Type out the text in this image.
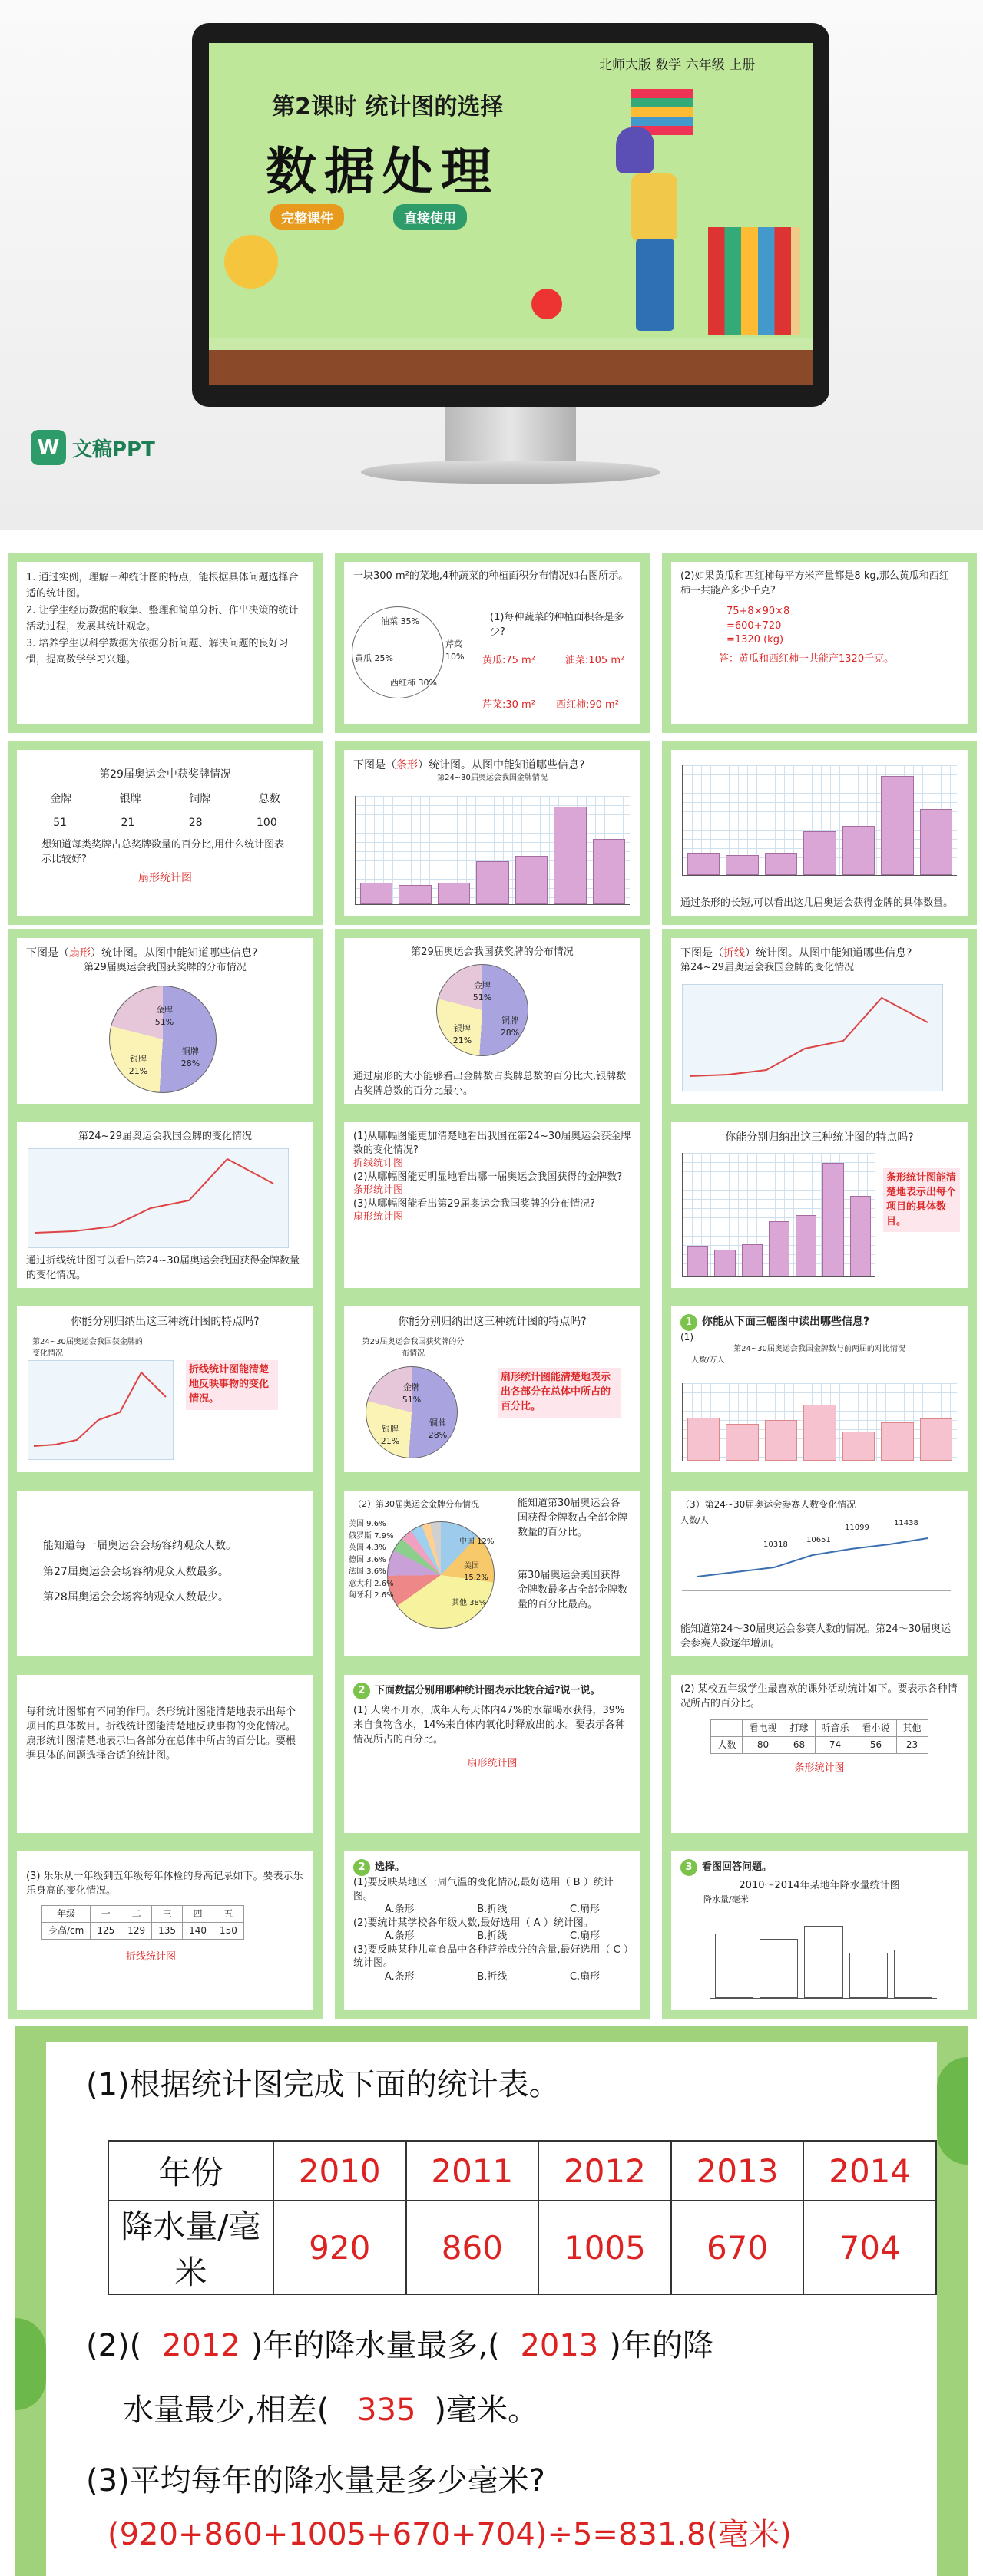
北师大版 数学 六年级 上册
第2课时 统计图的选择
数据处理
完整课件	直接使用
W 文稿PPT
1. 通过实例，理解三种统计图的特点，能根据具体问题选择合适的统计图。
2. 让学生经历数据的收集、整理和简单分析、作出决策的统计活动过程，发展其统计观念。
3. 培养学生以科学数据为依据分析问题、解决问题的良好习惯，提高数学学习兴趣。
一块300 m²的菜地,4种蔬菜的种植面积分布情况如右图所示。
油菜 35%
黄瓜 25%
芹菜 10%
西红柿 30%
(1)每种蔬菜的种植面积各是多少?
黄瓜:75 m²	油菜:105 m²
芹菜:30 m² 西红柿:90 m²
(2)如果黄瓜和西红柿每平方米产量都是8 kg,那么黄瓜和西红柿一共能产多少千克?
75+8×90×8
=600+720
=1320 (kg)
答：黄瓜和西红柿一共能产1320千克。
第29届奥运会中获奖牌情况
金牌	银牌	铜牌	总数
51	21	28	100
想知道每类奖牌占总奖牌数量的百分比,用什么统计图表示比较好?
扇形统计图
下图是（条形）统计图。从图中能知道哪些信息?
第24~30届奥运会我国金牌情况
通过条形的长短,可以看出这几届奥运会获得金牌的具体数量。
下图是（扇形）统计图。从图中能知道哪些信息?
第29届奥运会我国获奖牌的分布情况
金牌 51%
银牌 21%
铜牌 28%
第29届奥运会我国获奖牌的分布情况
金牌 51%
银牌 21%
铜牌 28%
通过扇形的大小能够看出金牌数占奖牌总数的百分比大,银牌数占奖牌总数的百分比最小。
下图是（折线）统计图。从图中能知道哪些信息?
第24~29届奥运会我国金牌的变化情况
第24~29届奥运会我国金牌的变化情况
通过折线统计图可以看出第24~30届奥运会我国获得金牌数量的变化情况。
(1)从哪幅图能更加清楚地看出我国在第24~30届奥运会获金牌数的变化情况?
折线统计图
(2)从哪幅图能更明显地看出哪一届奥运会我国获得的金牌数?
条形统计图
(3)从哪幅图能看出第29届奥运会我国奖牌的分布情况?
扇形统计图
你能分别归纳出这三种统计图的特点吗?
条形统计图能清楚地表示出每个项目的具体数目。
你能分别归纳出这三种统计图的特点吗?
第24~30届奥运会我国获金牌的变化情况
折线统计图能清楚地反映事物的变化情况。
你能分别归纳出这三种统计图的特点吗?
第29届奥运会我国获奖牌的分布情况
金牌 51%
银牌 21%
铜牌 28%
扇形统计图能清楚地表示出各部分在总体中所占的百分比。
1 你能从下面三幅图中读出哪些信息?
(1)
第24~30届奥运会我国金牌数与前两届的对比情况
人数/万人
能知道每一届奥运会会场容纳观众人数。
第27届奥运会会场容纳观众人数最多。
第28届奥运会会场容纳观众人数最少。
（2）第30届奥运会金牌分布情况
美国 9.6%
俄罗斯 7.9%
英国 4.3%
德国 3.6%
法国 3.6%
意大利 2.6%
匈牙利 2.6%
中国 12%
美国 15.2%
其他 38%
能知道第30届奥运会各国获得金牌数占全部金牌数量的百分比。
第30届奥运会美国获得金牌数最多占全部金牌数量的百分比最高。
（3）第24~30届奥运会参赛人数变化情况
人数/人
10318
10651
11099
11438
能知道第24～30届奥运会参赛人数的情况。第24～30届奥运会参赛人数逐年增加。
每种统计图都有不同的作用。条形统计图能清楚地表示出每个项目的具体数目。折线统计图能清楚地反映事物的变化情况。扇形统计图清楚地表示出各部分在总体中所占的百分比。要根据具体的问题选择合适的统计图。
2 下面数据分别用哪种统计图表示比较合适?说一说。
(1) 人离不开水，成年人每天体内47%的水靠喝水获得，39%来自食物含水，14%来自体内氧化时释放出的水。要表示各种情况所占的百分比。
扇形统计图
(2) 某校五年级学生最喜欢的课外活动统计如下。要表示各种情况所占的百分比。
	看电视	打球	听音乐	看小说	其他
人数	80	68	74	56	23
条形统计图
(3) 乐乐从一年级到五年级每年体检的身高记录如下。要表示乐乐身高的变化情况。
年级	一	二	三	四	五
身高/cm	125	129	135	140	150
折线统计图
2 选择。
(1)要反映某地区一周气温的变化情况,最好选用（ B ）统计图。
A.条形	B.折线	C.扇形
(2)要统计某学校各年级人数,最好选用（ A ）统计图。
A.条形	B.折线	C.扇形
(3)要反映某种儿童食品中各种营养成分的含量,最好选用（ C ）统计图。
A.条形	B.折线	C.扇形
3 看图回答问题。
2010～2014年某地年降水量统计图
降水量/毫米
(1)根据统计图完成下面的统计表。
年份	2010	2011	2012	2013	2014
降水量/毫米	920	860	1005	670	704
(2)( 2012 )年的降水量最多,( 2013 )年的降
水量最少,相差( 335 )毫米。
(3)平均每年的降水量是多少毫米?
(920+860+1005+670+704)÷5=831.8(毫米)
